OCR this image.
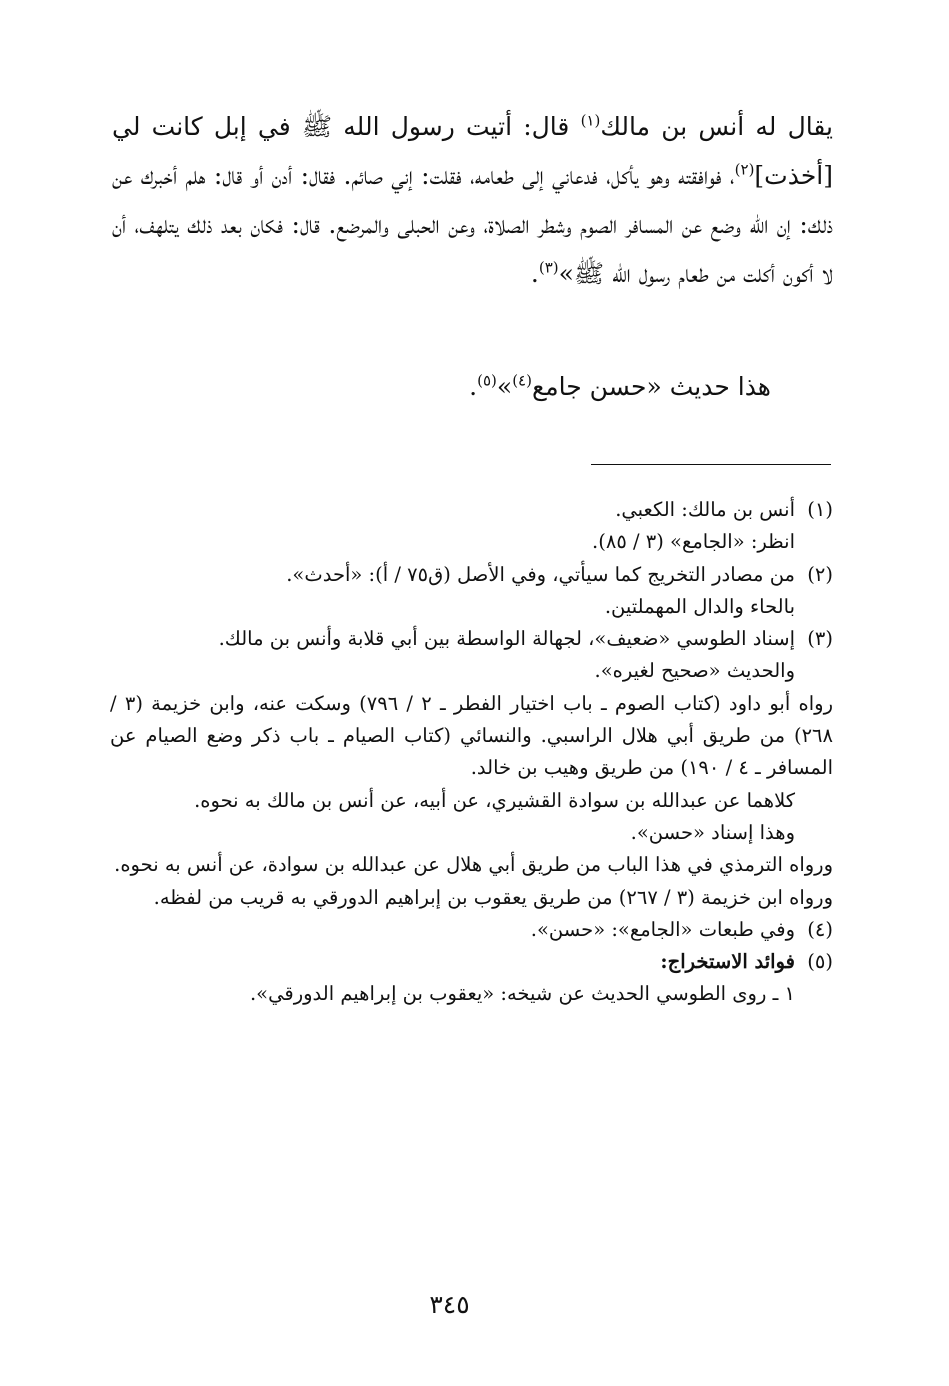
يقال له أنس بن مالك$^{(١)}$ قال: أتيت رسول الله ﷺ في إبل كانت لي [أخذت]$^{(٢)}$، فوافقته وهو يأكل، فدعاني إلى طعامه، فقلت: إني صائم. فقال: أدن أو قال: هلم أخبرك عن ذلك: إن الله وضع عن المسافر الصوم وشطر الصلاة، وعن الحبلى والمرضع. قال: فكان بعد ذلك يتلهف، أن لا أكون أكلت من طعام رسول الله ﷺ»$^{(٣)}$.

هذا حديث «حسن جامع$^{(٤)}$»$^{(٥)}$.
(١)أنس بن مالك: الكعبي.
انظر: «الجامع» (٣ / ٨٥).
(٢)من مصادر التخريج كما سيأتي، وفي الأصل (ق٧٥ / أ): «أحدث».
بالحاء والدال المهملتين.
(٣)إسناد الطوسي «ضعيف»، لجهالة الواسطة بين أبي قلابة وأنس بن مالك.
والحديث «صحيح لغيره».
رواه أبو داود (كتاب الصوم ـ باب اختيار الفطر ـ ٢ / ٧٩٦) وسكت عنه، وابن خزيمة (٣ / ٢٦٨) من طريق أبي هلال الراسبي. والنسائي (كتاب الصيام ـ باب ذكر وضع الصيام عن المسافر ـ ٤ / ١٩٠) من طريق وهيب بن خالد.
كلاهما عن عبدالله بن سوادة القشيري، عن أبيه، عن أنس بن مالك به نحوه.
وهذا إسناد «حسن».
ورواه الترمذي في هذا الباب من طريق أبي هلال عن عبدالله بن سوادة، عن أنس به نحوه.
ورواه ابن خزيمة (٣ / ٢٦٧) من طريق يعقوب بن إبراهيم الدورقي به قريب من لفظه.
(٤)وفي طبعات «الجامع»: «حسن».
(٥)فوائد الاستخراج:
١ ـ روى الطوسي الحديث عن شيخه: «يعقوب بن إبراهيم الدورقي».
٣٤٥
